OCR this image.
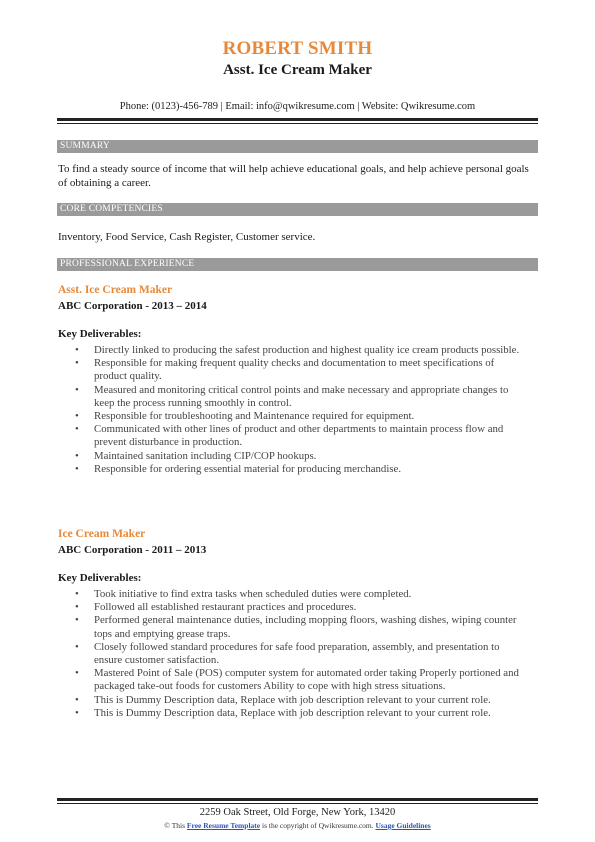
ROBERT SMITH
Asst. Ice Cream Maker
Phone: (0123)-456-789 | Email: info@qwikresume.com | Website: Qwikresume.com
SUMMARY
To find a steady source of income that will help achieve educational goals, and help achieve personal goals of obtaining a career.
CORE COMPETENCIES
Inventory, Food Service, Cash Register, Customer service.
PROFESSIONAL EXPERIENCE
Asst. Ice Cream Maker
ABC Corporation - 2013 – 2014
Key Deliverables:
• Directly linked to producing the safest production and highest quality ice cream products possible.
• Responsible for making frequent quality checks and documentation to meet specifications of product quality.
• Measured and monitoring critical control points and make necessary and appropriate changes to keep the process running smoothly in control.
• Responsible for troubleshooting and Maintenance required for equipment.
• Communicated with other lines of product and other departments to maintain process flow and prevent disturbance in production.
• Maintained sanitation including CIP/COP hookups.
• Responsible for ordering essential material for producing merchandise.
Ice Cream Maker
ABC Corporation - 2011 – 2013
Key Deliverables:
• Took initiative to find extra tasks when scheduled duties were completed.
• Followed all established restaurant practices and procedures.
• Performed general maintenance duties, including mopping floors, washing dishes, wiping counter tops and emptying grease traps.
• Closely followed standard procedures for safe food preparation, assembly, and presentation to ensure customer satisfaction.
• Mastered Point of Sale (POS) computer system for automated order taking Properly portioned and packaged take-out foods for customers Ability to cope with high stress situations.
• This is Dummy Description data, Replace with job description relevant to your current role.
• This is Dummy Description data, Replace with job description relevant to your current role.
2259 Oak Street, Old Forge, New York, 13420
© This Free Resume Template is the copyright of Qwikresume.com. Usage Guidelines
